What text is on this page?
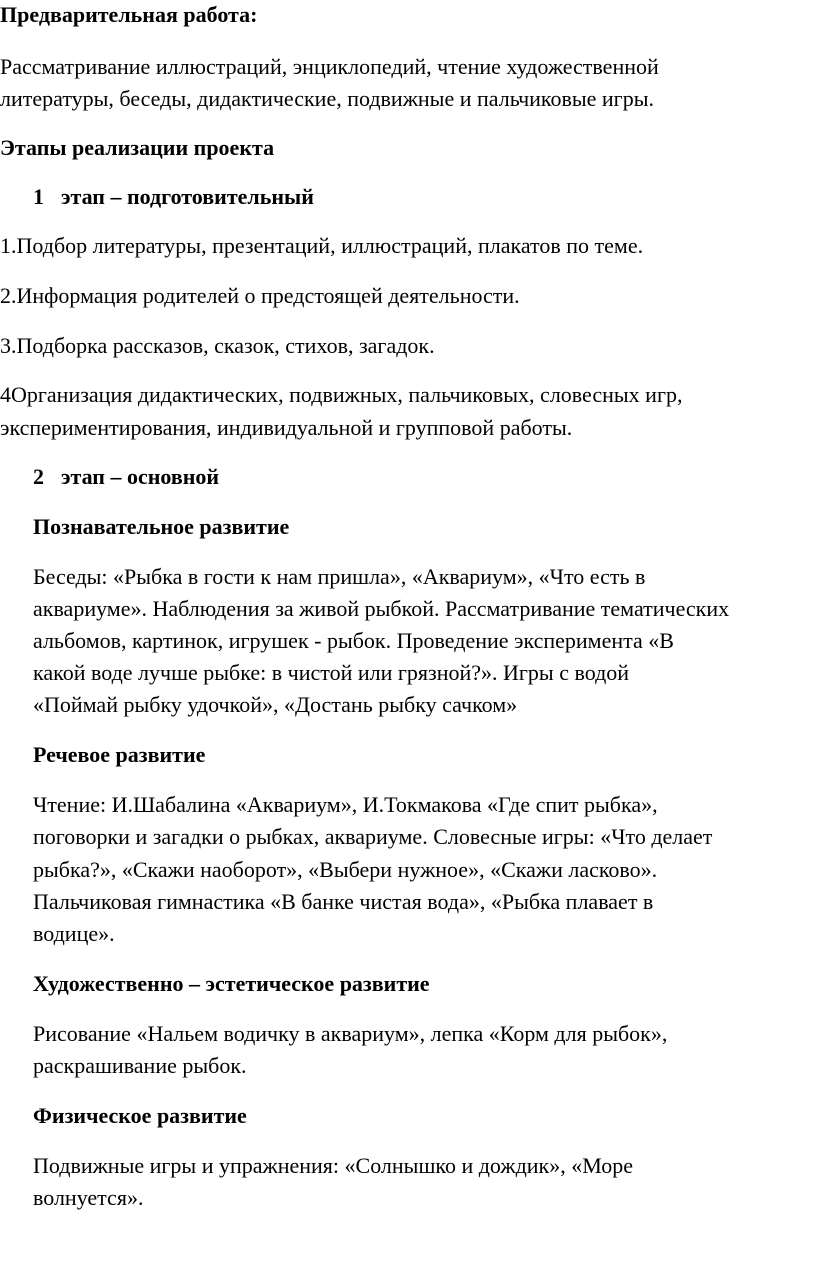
Предварительная работа:
Рассматривание иллюстраций, энциклопедий, чтение художественной
литературы, беседы, дидактические, подвижные и пальчиковые игры.
Этапы реализации проекта
1 этап – подготовительный
1.Подбор литературы, презентаций, иллюстраций, плакатов по теме.
2.Информация родителей о предстоящей деятельности.
3.Подборка рассказов, сказок, стихов, загадок.
4Организация дидактических, подвижных, пальчиковых, словесных игр,
экспериментирования, индивидуальной и групповой работы.
2 этап – основной
Познавательное развитие
Беседы: «Рыбка в гости к нам пришла», «Аквариум», «Что есть в
аквариуме». Наблюдения за живой рыбкой. Рассматривание тематических
альбомов, картинок, игрушек - рыбок. Проведение эксперимента «В
какой воде лучше рыбке: в чистой или грязной?». Игры с водой
«Поймай рыбку удочкой», «Достань рыбку сачком»
Речевое развитие
Чтение: И.Шабалина «Аквариум», И.Токмакова «Где спит рыбка»,
поговорки и загадки о рыбках, аквариуме. Словесные игры: «Что делает
рыбка?», «Скажи наоборот», «Выбери нужное», «Скажи ласково».
Пальчиковая гимнастика «В банке чистая вода», «Рыбка плавает в
водице».
Художественно – эстетическое развитие
Рисование «Нальем водичку в аквариум», лепка «Корм для рыбок»,
раскрашивание рыбок.
Физическое развитие
Подвижные игры и упражнения: «Солнышко и дождик», «Море
волнуется».
